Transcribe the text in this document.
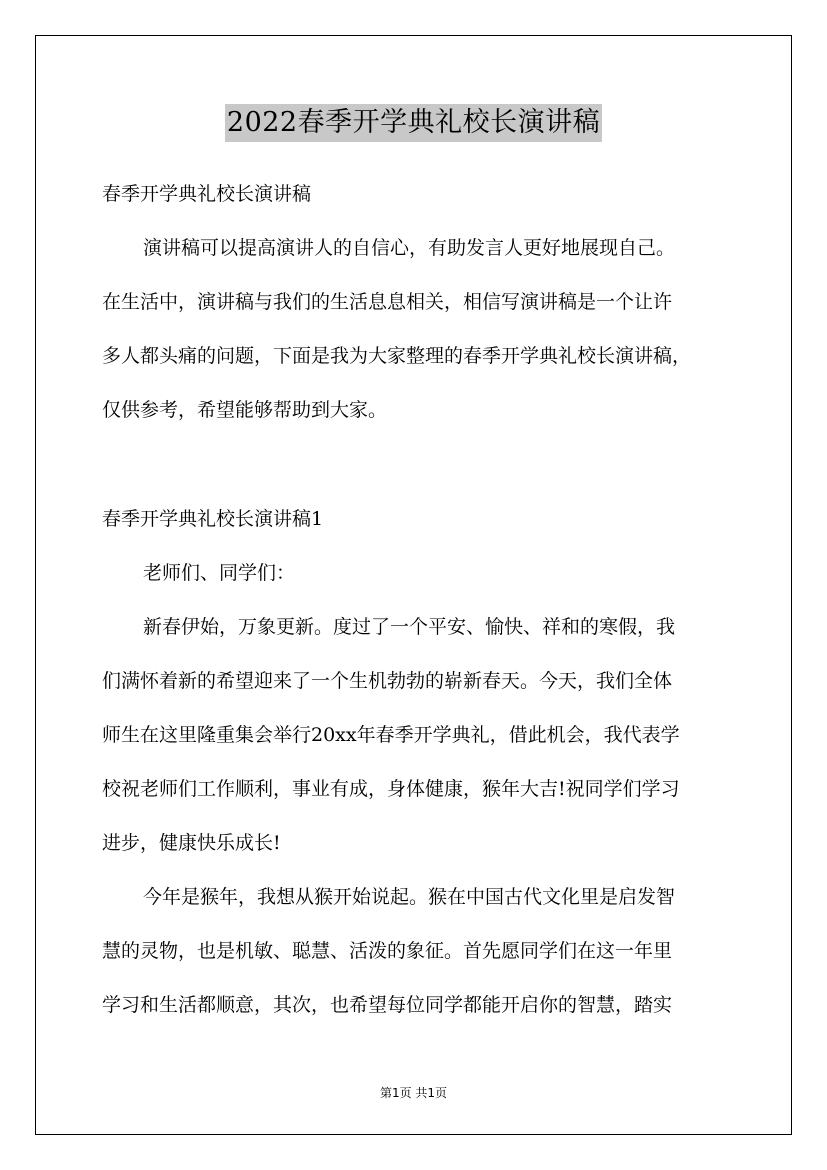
2022春季开学典礼校长演讲稿
春季开学典礼校长演讲稿
演讲稿可以提高演讲人的自信心，有助发言人更好地展现自己。
在生活中，演讲稿与我们的生活息息相关，相信写演讲稿是一个让许
多人都头痛的问题，下面是我为大家整理的春季开学典礼校长演讲稿，
仅供参考，希望能够帮助到大家。
春季开学典礼校长演讲稿1
老师们、同学们：
新春伊始，万象更新。度过了一个平安、愉快、祥和的寒假，我
们满怀着新的希望迎来了一个生机勃勃的崭新春天。今天，我们全体
师生在这里隆重集会举行20xx年春季开学典礼，借此机会，我代表学
校祝老师们工作顺利，事业有成，身体健康，猴年大吉!祝同学们学习
进步，健康快乐成长!
今年是猴年，我想从猴开始说起。猴在中国古代文化里是启发智
慧的灵物，也是机敏、聪慧、活泼的象征。首先愿同学们在这一年里
学习和生活都顺意，其次，也希望每位同学都能开启你的智慧，踏实
第1页 共1页
